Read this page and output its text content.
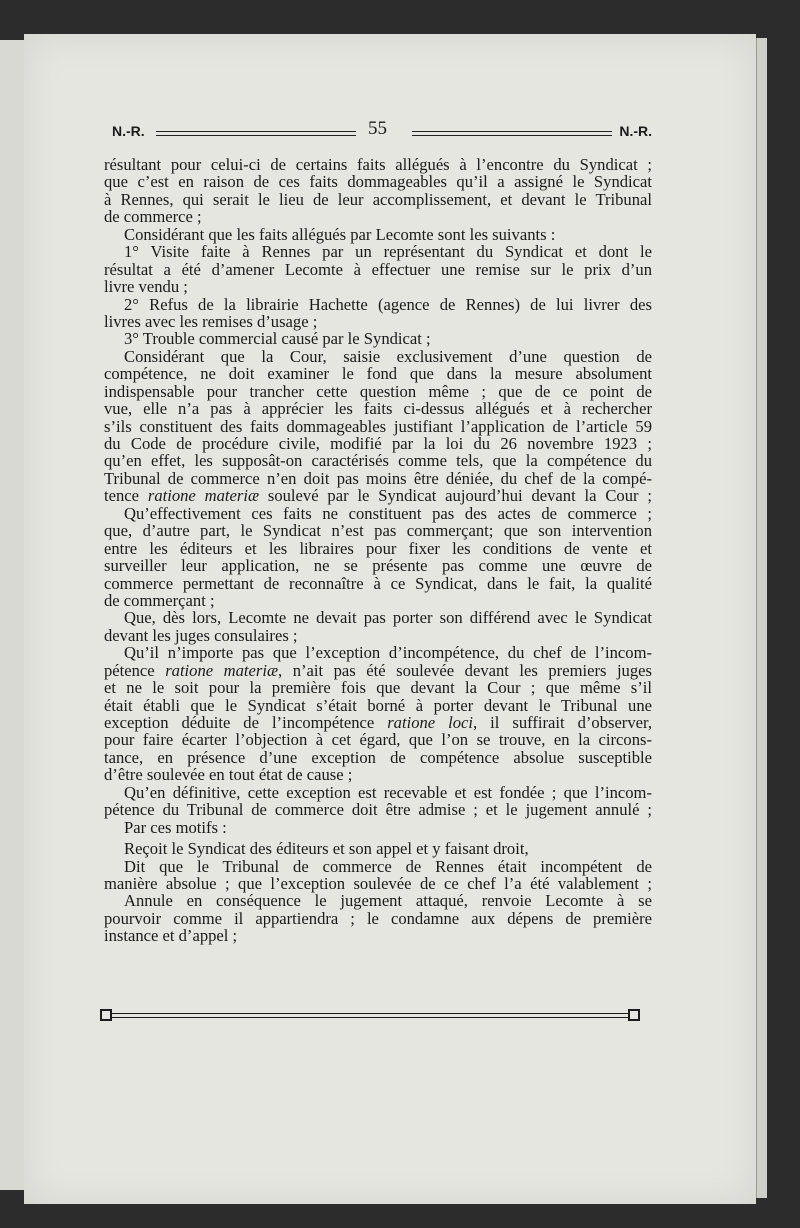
N.-R.	55	N.-R.
résultant pour celui-ci de certains faits allégués à l’encontre du Syndicat ;
que c’est en raison de ces faits dommageables qu’il a assigné le Syndicat
à Rennes, qui serait le lieu de leur accomplissement, et devant le Tribunal
de commerce ;
Considérant que les faits allégués par Lecomte sont les suivants :
1° Visite faite à Rennes par un représentant du Syndicat et dont le
résultat a été d’amener Lecomte à effectuer une remise sur le prix d’un
livre vendu ;
2° Refus de la librairie Hachette (agence de Rennes) de lui livrer des
livres avec les remises d’usage ;
3° Trouble commercial causé par le Syndicat ;
Considérant que la Cour, saisie exclusivement d’une question de
compétence, ne doit examiner le fond que dans la mesure absolument
indispensable pour trancher cette question même ; que de ce point de
vue, elle n’a pas à apprécier les faits ci-dessus allégués et à rechercher
s’ils constituent des faits dommageables justifiant l’application de l’article 59
du Code de procédure civile, modifié par la loi du 26 novembre 1923 ;
qu’en effet, les supposât-on caractérisés comme tels, que la compétence du
Tribunal de commerce n’en doit pas moins être déniée, du chef de la compé-
tence ratione materiæ soulevé par le Syndicat aujourd’hui devant la Cour ;
Qu’effectivement ces faits ne constituent pas des actes de commerce ;
que, d’autre part, le Syndicat n’est pas commerçant; que son intervention
entre les éditeurs et les libraires pour fixer les conditions de vente et
surveiller leur application, ne se présente pas comme une œuvre de
commerce permettant de reconnaître à ce Syndicat, dans le fait, la qualité
de commerçant ;
Que, dès lors, Lecomte ne devait pas porter son différend avec le Syndicat
devant les juges consulaires ;
Qu’il n’importe pas que l’exception d’incompétence, du chef de l’incom-
pétence ratione materiæ, n’ait pas été soulevée devant les premiers juges
et ne le soit pour la première fois que devant la Cour ; que même s’il
était établi que le Syndicat s’était borné à porter devant le Tribunal une
exception déduite de l’incompétence ratione loci, il suffirait d’observer,
pour faire écarter l’objection à cet égard, que l’on se trouve, en la circons-
tance, en présence d’une exception de compétence absolue susceptible
d’être soulevée en tout état de cause ;
Qu’en définitive, cette exception est recevable et est fondée ; que l’incom-
pétence du Tribunal de commerce doit être admise ; et le jugement annulé ;
Par ces motifs :
Reçoit le Syndicat des éditeurs et son appel et y faisant droit,
Dit que le Tribunal de commerce de Rennes était incompétent de
manière absolue ; que l’exception soulevée de ce chef l’a été valablement ;
Annule en conséquence le jugement attaqué, renvoie Lecomte à se
pourvoir comme il appartiendra ; le condamne aux dépens de première
instance et d’appel ;
